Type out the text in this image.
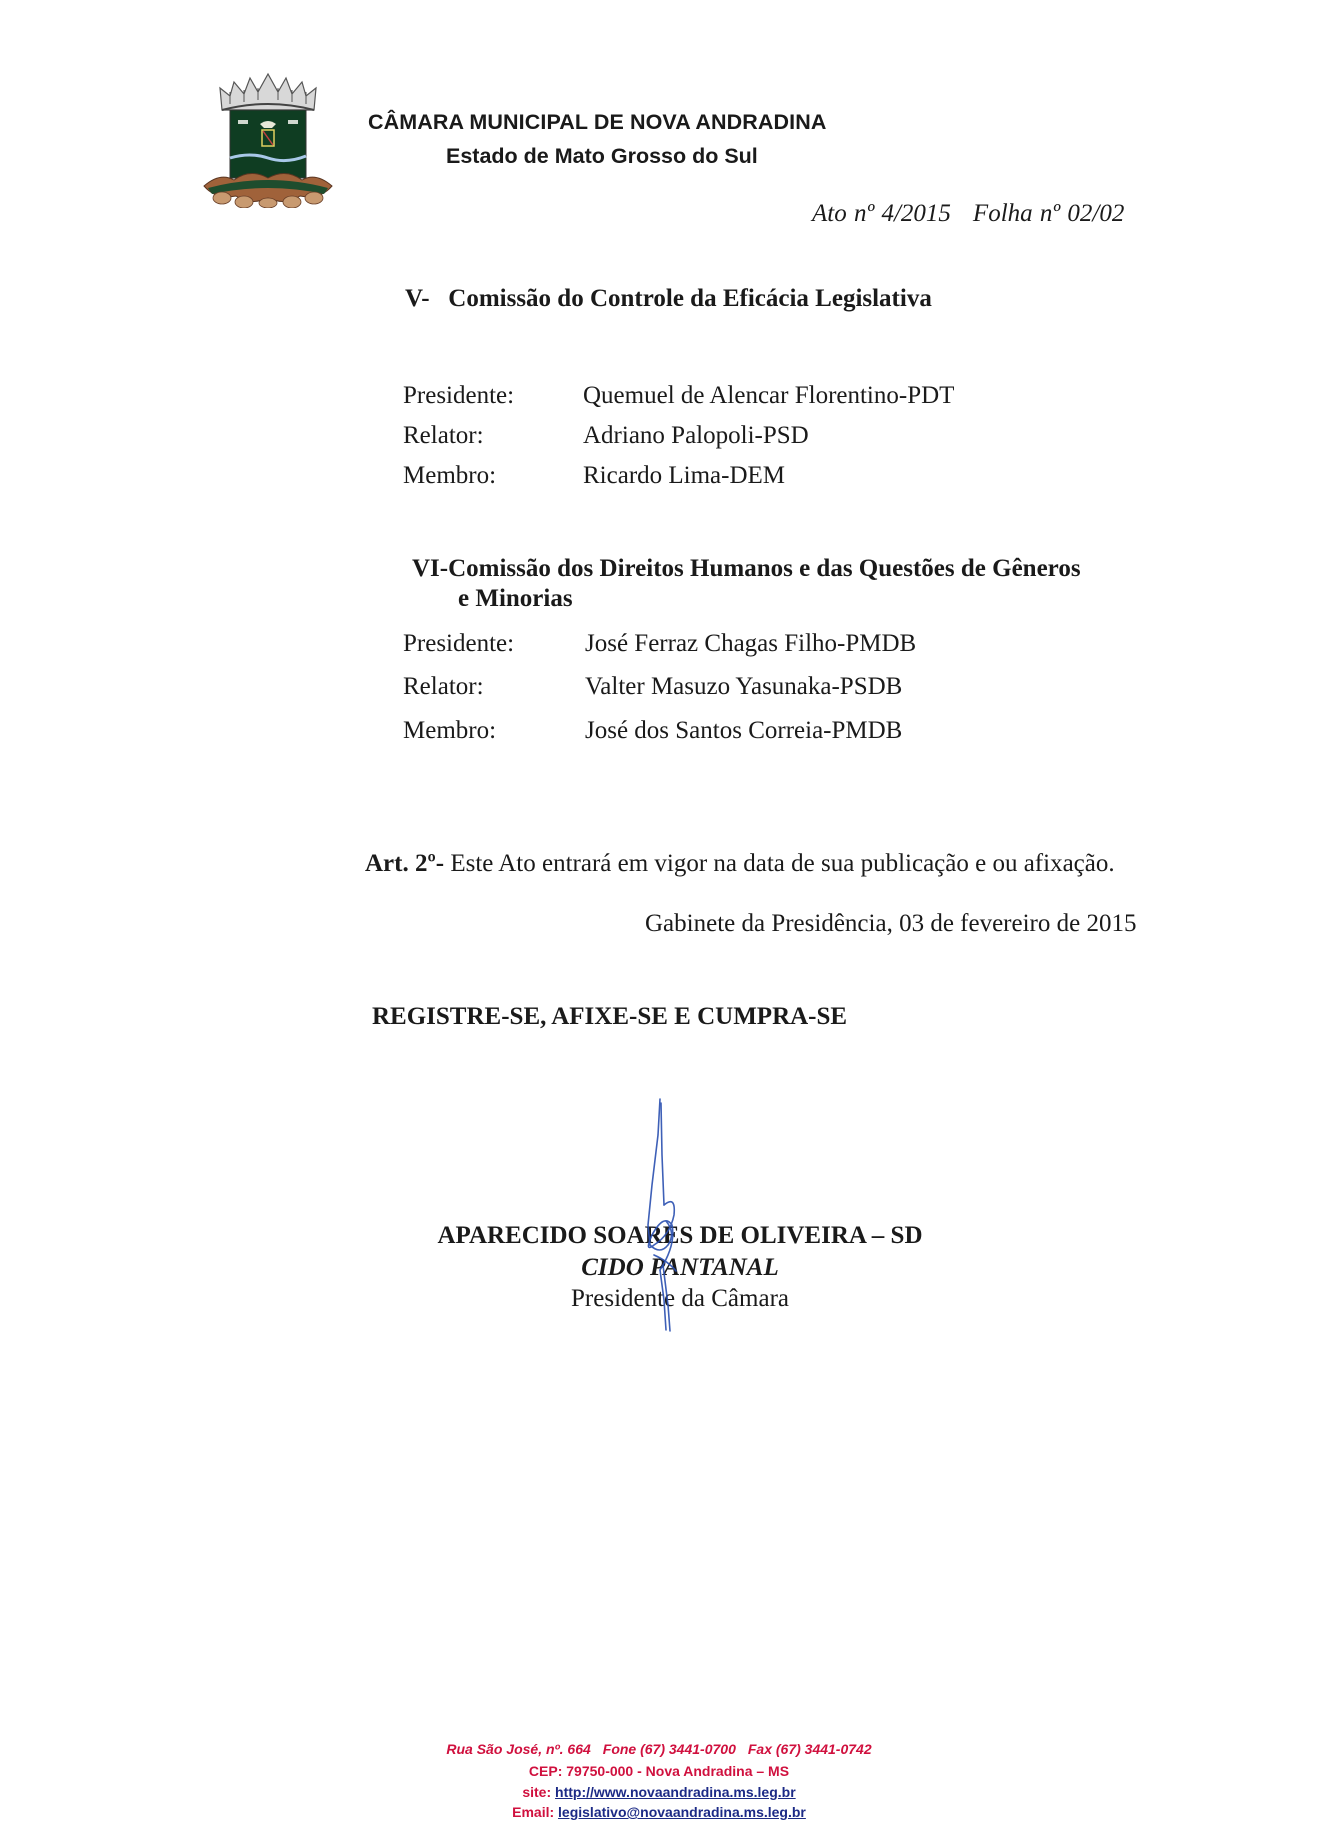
CÂMARA MUNICIPAL DE NOVA ANDRADINA
Estado de Mato Grosso do Sul
Ato nº 4/2015 Folha nº 02/02
V-   Comissão do Controle da Eficácia Legislativa
Presidente:	Quemuel de Alencar Florentino-PDT
Relator:	Adriano Palopoli-PSD
Membro:	Ricardo Lima-DEM
VI-Comissão dos Direitos Humanos e das Questões de Gêneros
e Minorias
Presidente:	José Ferraz Chagas Filho-PMDB
Relator:	Valter Masuzo Yasunaka-PSDB
Membro:	José dos Santos Correia-PMDB
Art. 2º- Este Ato entrará em vigor na data de sua publicação e ou afixação.
Gabinete da Presidência, 03 de fevereiro de 2015
REGISTRE-SE, AFIXE-SE E CUMPRA-SE
APARECIDO SOARES DE OLIVEIRA – SD
CIDO PANTANAL
Presidente da Câmara
Rua São José, nº. 664 Fone (67) 3441-0700 Fax (67) 3441-0742
CEP: 79750-000 - Nova Andradina – MS
site: http://www.novaandradina.ms.leg.br
Email: legislativo@novaandradina.ms.leg.br
